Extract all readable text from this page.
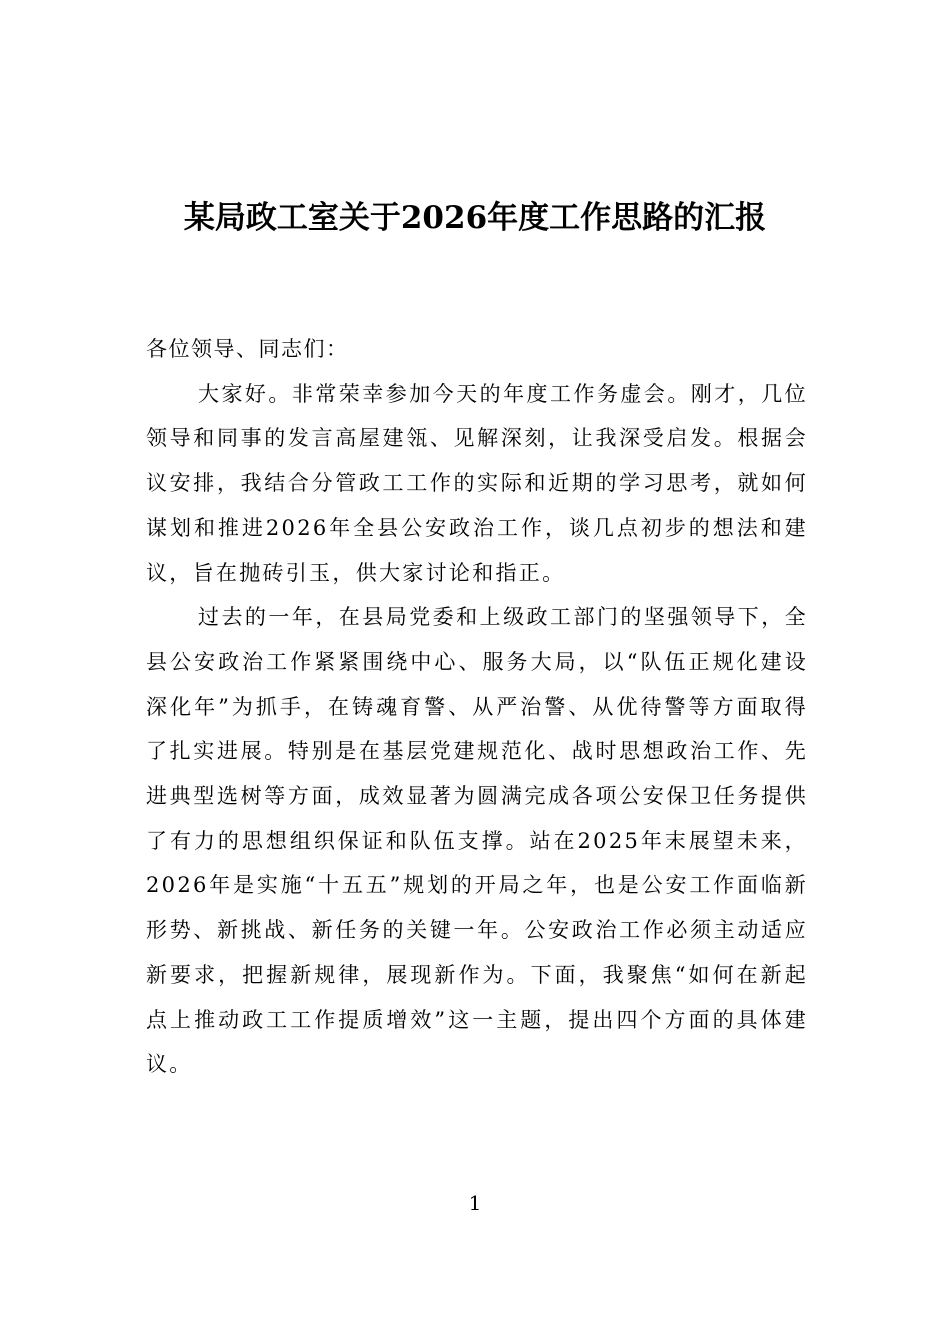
某局政工室关于2026年度工作思路的汇报

各位领导、同志们：

大家好。非常荣幸参加今天的年度工作务虚会。刚才，几位领导和同事的发言高屋建瓴、见解深刻，让我深受启发。根据会议安排，我结合分管政工工作的实际和近期的学习思考，就如何谋划和推进2026年全县公安政治工作，谈几点初步的想法和建议，旨在抛砖引玉，供大家讨论和指正。

过去的一年，在县局党委和上级政工部门的坚强领导下，全县公安政治工作紧紧围绕中心、服务大局，以“队伍正规化建设深化年”为抓手，在铸魂育警、从严治警、从优待警等方面取得了扎实进展。特别是在基层党建规范化、战时思想政治工作、先进典型选树等方面，成效显著为圆满完成各项公安保卫任务提供了有力的思想组织保证和队伍支撑。站在2025年末展望未来，2026年是实施“十五五”规划的开局之年，也是公安工作面临新形势、新挑战、新任务的关键一年。公安政治工作必须主动适应新要求，把握新规律，展现新作为。下面，我聚焦“如何在新起点上推动政工工作提质增效”这一主题，提出四个方面的具体建议。

1
